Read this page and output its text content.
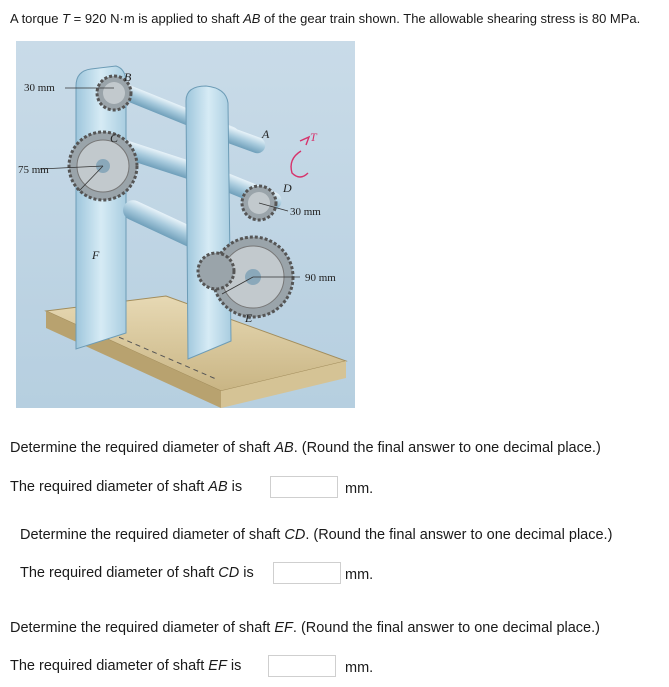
A torque T = 920 N·m is applied to shaft AB of the gear train shown. The allowable shearing stress is 80 MPa.
30 mm
75 mm
30 mm
90 mm
B
C	A	T
D
F
E
Determine the required diameter of shaft AB. (Round the final answer to one decimal place.)
The required diameter of shaft AB is	mm.
Determine the required diameter of shaft CD. (Round the final answer to one decimal place.)
The required diameter of shaft CD is	mm.
Determine the required diameter of shaft EF. (Round the final answer to one decimal place.)
The required diameter of shaft EF is	mm.
